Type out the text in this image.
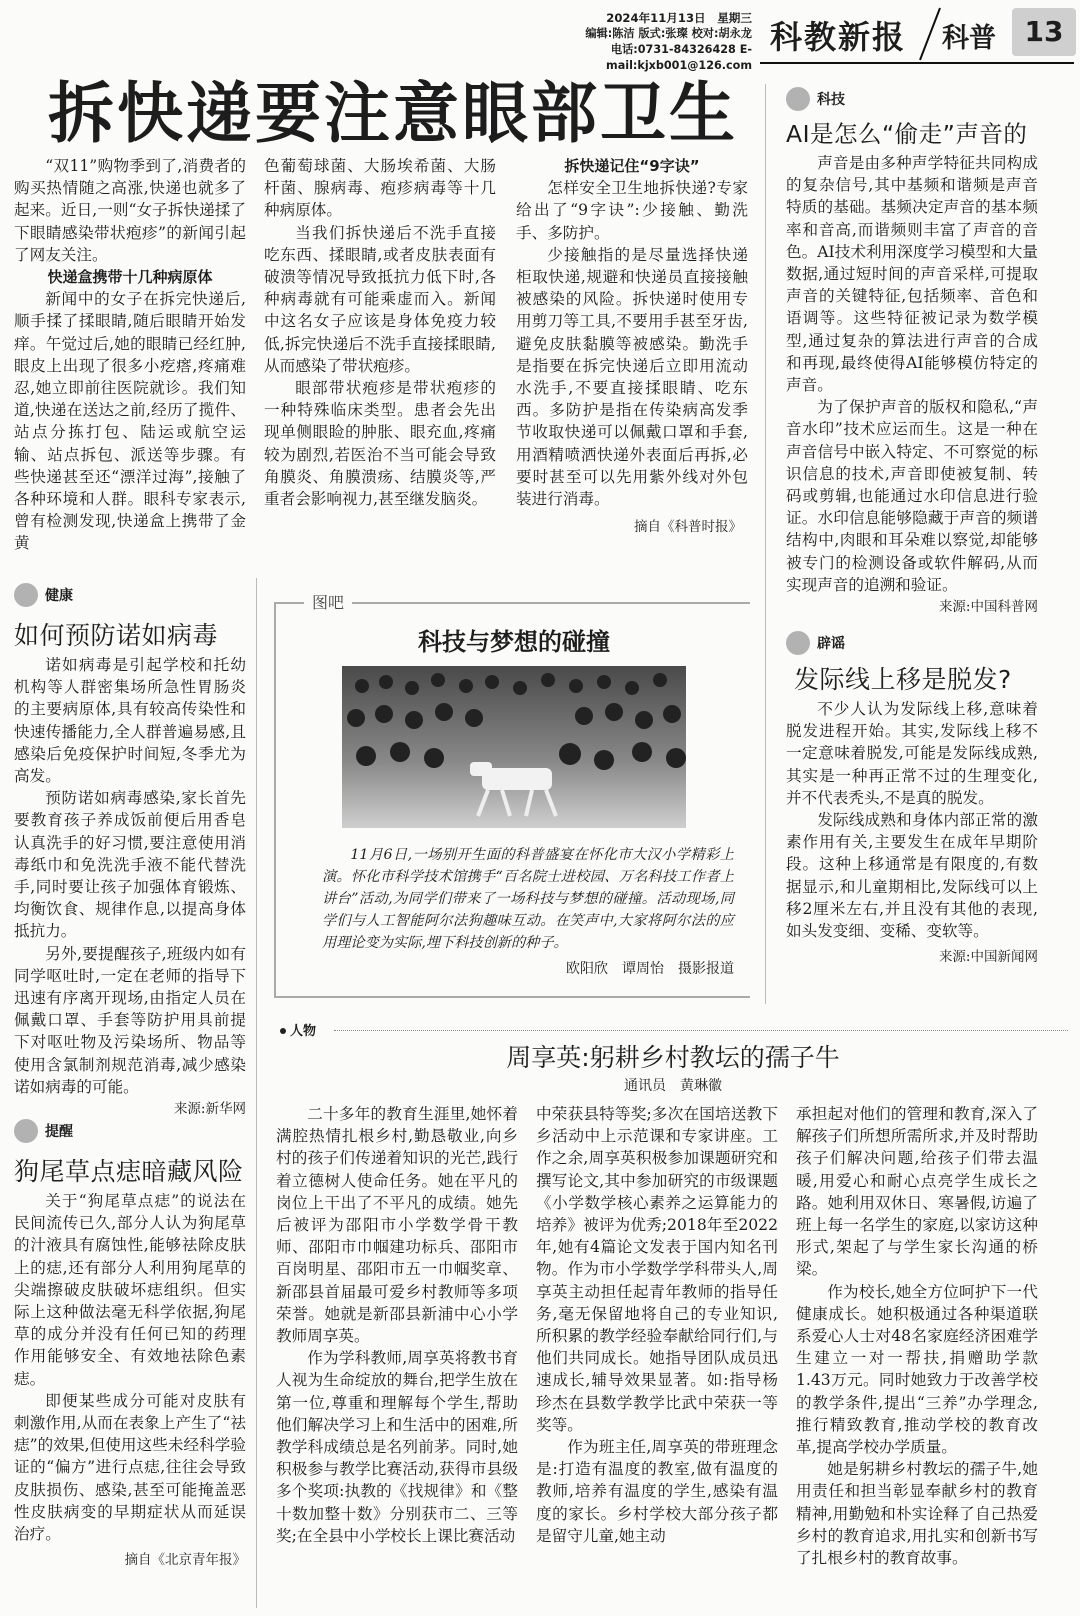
2024年11月13日　星期三
编辑:陈洁 版式:张璨 校对:胡永龙
电话:0731-84326428 E-mail:kjxb001@126.com
科教新报 科普	13
拆快递要注意眼部卫生

“双11”购物季到了,消费者的购买热情随之高涨,快递也就多了起来。近日,一则“女子拆快递揉了下眼睛感染带状疱疹”的新闻引起了网友关注。

快递盒携带十几种病原体

新闻中的女子在拆完快递后,顺手揉了揉眼睛,随后眼睛开始发痒。午觉过后,她的眼睛已经红肿,眼皮上出现了很多小疙瘩,疼痛难忍,她立即前往医院就诊。我们知道,快递在送达之前,经历了揽件、站点分拣打包、陆运或航空运输、站点拆包、派送等步骤。有些快递甚至还“漂洋过海”,接触了各种环境和人群。眼科专家表示,曾有检测发现,快递盒上携带了金黄

色葡萄球菌、大肠埃希菌、大肠杆菌、腺病毒、疱疹病毒等十几种病原体。

当我们拆快递后不洗手直接吃东西、揉眼睛,或者皮肤表面有破溃等情况导致抵抗力低下时,各种病毒就有可能乘虚而入。新闻中这名女子应该是身体免疫力较低,拆完快递后不洗手直接揉眼睛,从而感染了带状疱疹。

眼部带状疱疹是带状疱疹的一种特殊临床类型。患者会先出现单侧眼睑的肿胀、眼充血,疼痛较为剧烈,若医治不当可能会导致角膜炎、角膜溃疡、结膜炎等,严重者会影响视力,甚至继发脑炎。

拆快递记住“9字诀”

怎样安全卫生地拆快递?专家给出了“9字诀”:少接触、勤洗手、多防护。

少接触指的是尽量选择快递柜取快递,规避和快递员直接接触被感染的风险。拆快递时使用专用剪刀等工具,不要用手甚至牙齿,避免皮肤黏膜等被感染。勤洗手是指要在拆完快递后立即用流动水洗手,不要直接揉眼睛、吃东西。多防护是指在传染病高发季节收取快递可以佩戴口罩和手套,用酒精喷洒快递外表面后再拆,必要时甚至可以先用紫外线对外包装进行消毒。

摘自《科普时报》
科技
AI是怎么“偷走”声音的

声音是由多种声学特征共同构成的复杂信号,其中基频和谐频是声音特质的基础。基频决定声音的基本频率和音高,而谐频则丰富了声音的音色。AI技术利用深度学习模型和大量数据,通过短时间的声音采样,可提取声音的关键特征,包括频率、音色和语调等。这些特征被记录为数学模型,通过复杂的算法进行声音的合成和再现,最终使得AI能够模仿特定的声音。

为了保护声音的版权和隐私,“声音水印”技术应运而生。这是一种在声音信号中嵌入特定、不可察觉的标识信息的技术,声音即使被复制、转码或剪辑,也能通过水印信息进行验证。水印信息能够隐藏于声音的频谱结构中,肉眼和耳朵难以察觉,却能够被专门的检测设备或软件解码,从而实现声音的追溯和验证。

来源:中国科普网
健康
如何预防诺如病毒

诺如病毒是引起学校和托幼机构等人群密集场所急性胃肠炎的主要病原体,具有较高传染性和快速传播能力,全人群普遍易感,且感染后免疫保护时间短,冬季尤为高发。

预防诺如病毒感染,家长首先要教育孩子养成饭前便后用香皂认真洗手的好习惯,要注意使用消毒纸巾和免洗洗手液不能代替洗手,同时要让孩子加强体育锻炼、均衡饮食、规律作息,以提高身体抵抗力。

另外,要提醒孩子,班级内如有同学呕吐时,一定在老师的指导下迅速有序离开现场,由指定人员在佩戴口罩、手套等防护用具前提下对呕吐物及污染场所、物品等使用含氯制剂规范消毒,减少感染诺如病毒的可能。

来源:新华网
图吧
科技与梦想的碰撞
11月6日,一场别开生面的科普盛宴在怀化市大汉小学精彩上演。怀化市科学技术馆携手“百名院士进校园、万名科技工作者上讲台”活动,为同学们带来了一场科技与梦想的碰撞。活动现场,同学们与人工智能阿尔法狗趣味互动。在笑声中,大家将阿尔法的应用理论变为实际,埋下科技创新的种子。
欧阳欣　谭周怡　摄影报道
辟谣
发际线上移是脱发?

不少人认为发际线上移,意味着脱发进程开始。其实,发际线上移不一定意味着脱发,可能是发际线成熟,其实是一种再正常不过的生理变化,并不代表秃头,不是真的脱发。

发际线成熟和身体内部正常的激素作用有关,主要发生在成年早期阶段。这种上移通常是有限度的,有数据显示,和儿童期相比,发际线可以上移2厘米左右,并且没有其他的表现,如头发变细、变稀、变软等。

来源:中国新闻网
提醒
狗尾草点痣暗藏风险

关于“狗尾草点痣”的说法在民间流传已久,部分人认为狗尾草的汁液具有腐蚀性,能够祛除皮肤上的痣,还有部分人利用狗尾草的尖端擦破皮肤破坏痣组织。但实际上这种做法毫无科学依据,狗尾草的成分并没有任何已知的药理作用能够安全、有效地祛除色素痣。

即便某些成分可能对皮肤有刺激作用,从而在表象上产生了“祛痣”的效果,但使用这些未经科学验证的“偏方”进行点痣,往往会导致皮肤损伤、感染,甚至可能掩盖恶性皮肤病变的早期症状从而延误治疗。

摘自《北京青年报》
人物
周享英:躬耕乡村教坛的孺子牛
通讯员　黄琳徽

二十多年的教育生涯里,她怀着满腔热情扎根乡村,勤恳敬业,向乡村的孩子们传递着知识的光芒,践行着立德树人使命任务。她在平凡的岗位上干出了不平凡的成绩。她先后被评为邵阳市小学数学骨干教师、邵阳市巾帼建功标兵、邵阳市百岗明星、邵阳市五一巾帼奖章、新邵县首届最可爱乡村教师等多项荣誉。她就是新邵县新浦中心小学教师周享英。

作为学科教师,周享英将教书育人视为生命绽放的舞台,把学生放在第一位,尊重和理解每个学生,帮助他们解决学习上和生活中的困难,所教学科成绩总是名列前茅。同时,她积极参与教学比赛活动,获得市县级多个奖项:执教的《找规律》和《整十数加整十数》分别获市二、三等奖;在全县中小学校长上课比赛活动

中荣获县特等奖;多次在国培送教下乡活动中上示范课和专家讲座。工作之余,周享英积极参加课题研究和撰写论文,其中参加研究的市级课题《小学数学核心素养之运算能力的培养》被评为优秀;2018年至2022年,她有4篇论文发表于国内知名刊物。作为市小学数学学科带头人,周享英主动担任起青年教师的指导任务,毫无保留地将自己的专业知识,所积累的教学经验奉献给同行们,与他们共同成长。她指导团队成员迅速成长,辅导效果显著。如:指导杨珍杰在县数学教学比武中荣获一等奖等。

作为班主任,周享英的带班理念是:打造有温度的教室,做有温度的教师,培养有温度的学生,感染有温度的家长。乡村学校大部分孩子都是留守儿童,她主动

承担起对他们的管理和教育,深入了解孩子们所想所需所求,并及时帮助孩子们解决问题,给孩子们带去温暖,用爱心和耐心点亮学生成长之路。她利用双休日、寒暑假,访遍了班上每一名学生的家庭,以家访这种形式,架起了与学生家长沟通的桥梁。

作为校长,她全方位呵护下一代健康成长。她积极通过各种渠道联系爱心人士对48名家庭经济困难学生建立一对一帮扶,捐赠助学款1.43万元。同时她致力于改善学校的教学条件,提出“三养”办学理念,推行精致教育,推动学校的教育改革,提高学校办学质量。

她是躬耕乡村教坛的孺子牛,她用责任和担当彰显奉献乡村的教育精神,用勤勉和朴实诠释了自己热爱乡村的教育追求,用扎实和创新书写了扎根乡村的教育故事。
